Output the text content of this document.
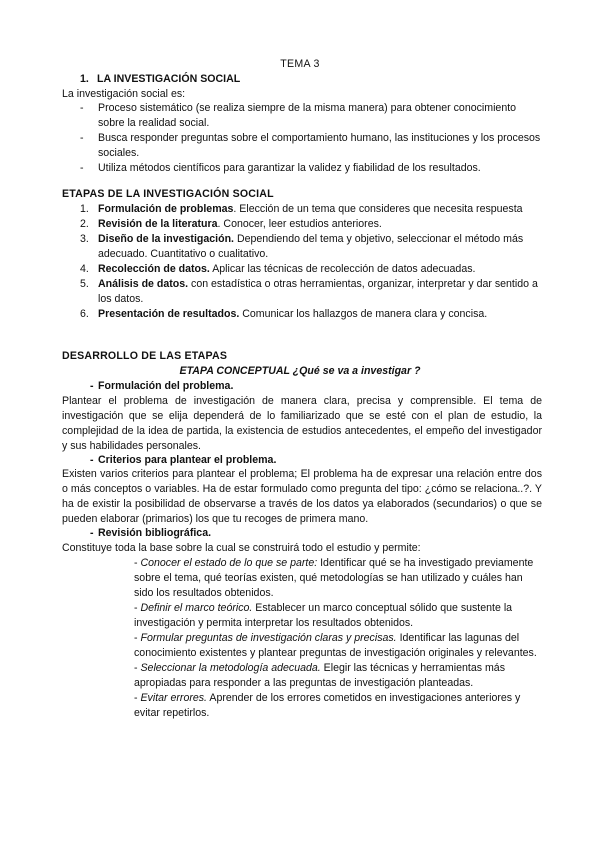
TEMA 3
1. LA INVESTIGACIÓN SOCIAL
La investigación social es:
- Proceso sistemático (se realiza siempre de la misma manera) para obtener conocimiento sobre la realidad social.
- Busca responder preguntas sobre el comportamiento humano, las instituciones y los procesos sociales.
- Utiliza métodos científicos para garantizar la validez y fiabilidad de los resultados.
ETAPAS DE LA INVESTIGACIÓN SOCIAL
1. Formulación de problemas. Elección de un tema que consideres que necesita respuesta
2. Revisión de la literatura. Conocer, leer estudios anteriores.
3. Diseño de la investigación. Dependiendo del tema y objetivo, seleccionar el método más adecuado. Cuantitativo o cualitativo.
4. Recolección de datos. Aplicar las técnicas de recolección de datos adecuadas.
5. Análisis de datos. con estadística o otras herramientas, organizar, interpretar y dar sentido a los datos.
6. Presentación de resultados. Comunicar los hallazgos de manera clara y concisa.
DESARROLLO DE LAS ETAPAS
ETAPA CONCEPTUAL ¿Qué se va a investigar ?
- Formulación del problema.
Plantear el problema de investigación de manera clara, precisa y comprensible. El tema de investigación que se elija dependerá de lo familiarizado que se esté con el plan de estudio, la complejidad de la idea de partida, la existencia de estudios antecedentes, el empeño del investigador y sus habilidades personales.
- Criterios para plantear el problema.
Existen varios criterios para plantear el problema; El problema ha de expresar una relación entre dos o más conceptos o variables. Ha de estar formulado como pregunta del tipo: ¿cómo se relaciona..?. Y ha de existir la posibilidad de observarse a través de los datos ya elaborados (secundarios) o que se pueden elaborar (primarios) los que tu recoges de primera mano.
- Revisión bibliográfica.
Constituye toda la base sobre la cual se construirá todo el estudio y permite:
- Conocer el estado de lo que se parte: Identificar qué se ha investigado previamente sobre el tema, qué teorías existen, qué metodologías se han utilizado y cuáles han sido los resultados obtenidos.
- Definir el marco teórico. Establecer un marco conceptual sólido que sustente la investigación y permita interpretar los resultados obtenidos.
- Formular preguntas de investigación claras y precisas. Identificar las lagunas del conocimiento existentes y plantear preguntas de investigación originales y relevantes.
- Seleccionar la metodología adecuada. Elegir las técnicas y herramientas más apropiadas para responder a las preguntas de investigación planteadas.
- Evitar errores. Aprender de los errores cometidos en investigaciones anteriores y evitar repetirlos.
